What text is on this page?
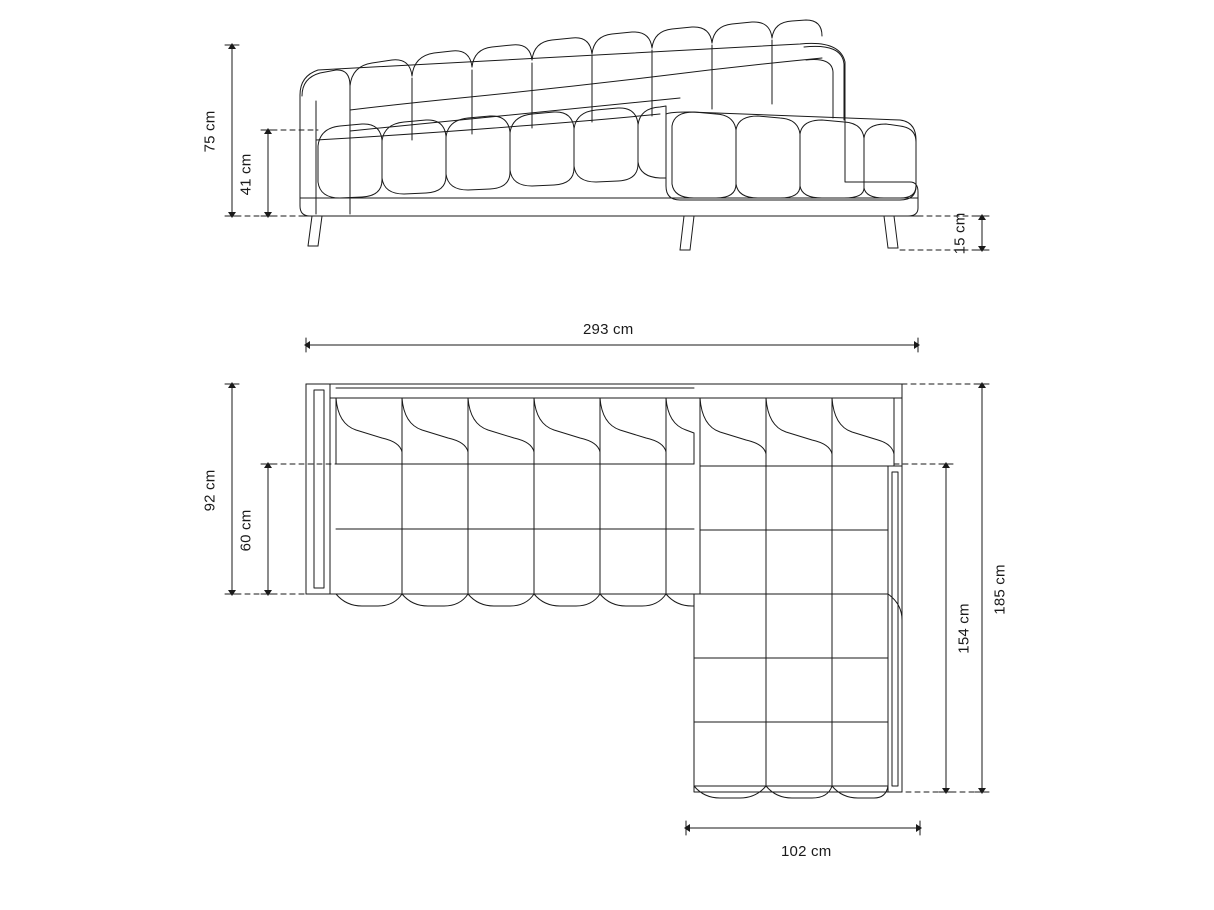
75 cm
41 cm
15 cm
293 cm
92 cm
60 cm
185 cm
154 cm
102 cm
